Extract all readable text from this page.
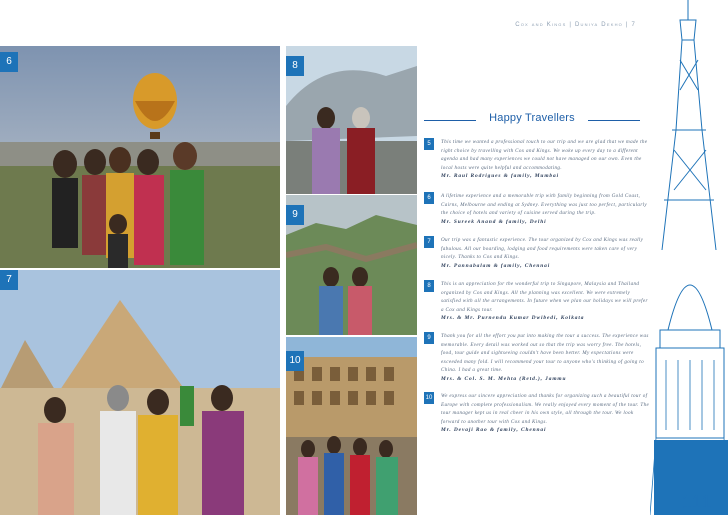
Cox and Kings | Duniya Dekho | 7
6	8
9
7
10
Happy Travellers
5	This time we wanted a professional touch to our trip and we are glad that we made the right choice by travelling with Cox and Kings. We woke up every day to a different agenda and had many experiences we could not have managed on our own. Even the local hosts were quite helpful and accommodating.
Mr. Raul Rodrigues & family, Mumbai
6	A lifetime experience and a memorable trip with family beginning from Gold Coast, Cairns, Melbourne and ending at Sydney. Everything was just too perfect, particularly the choice of hotels and variety of cuisine served during the trip.
Mr. Sureek Anand & family, Delhi
7	Our trip was a fantastic experience. The tour organized by Cox and Kings was really fabulous. All our boarding, lodging and food requirements were taken care of very nicely. Thanks to Cox and Kings.
Mr. Pannabalam & family, Chennai
8	This is an appreciation for the wonderful trip to Singapore, Malaysia and Thailand organized by Cox and Kings. All the planning was excellent. We were extremely satisfied with all the arrangements. In future when we plan our holidays we will prefer a Cox and Kings tour.
Mrs. & Mr. Purnendu Kumar Dwibedi, Kolkata
9	Thank you for all the effort you put into making the tour a success. The experience was memorable. Every detail was worked out so that the trip was worry free. The hotels, food, tour guide and sightseeing couldn't have been better. My expectations were exceeded many fold. I will recommend your tour to anyone who's thinking of going to China. I had a great time.
Mrs. & Col. S. M. Mehta (Retd.), Jammu
10	We express our sincere appreciation and thanks for organizing such a beautiful tour of Europe with complete professionalism. We really enjoyed every moment of the tour. The tour manager kept us in real cheer in his own style, all through the tour. We look forward to another tour with Cox and Kings.
Mr. Devaji Rao & family, Chennai
111
